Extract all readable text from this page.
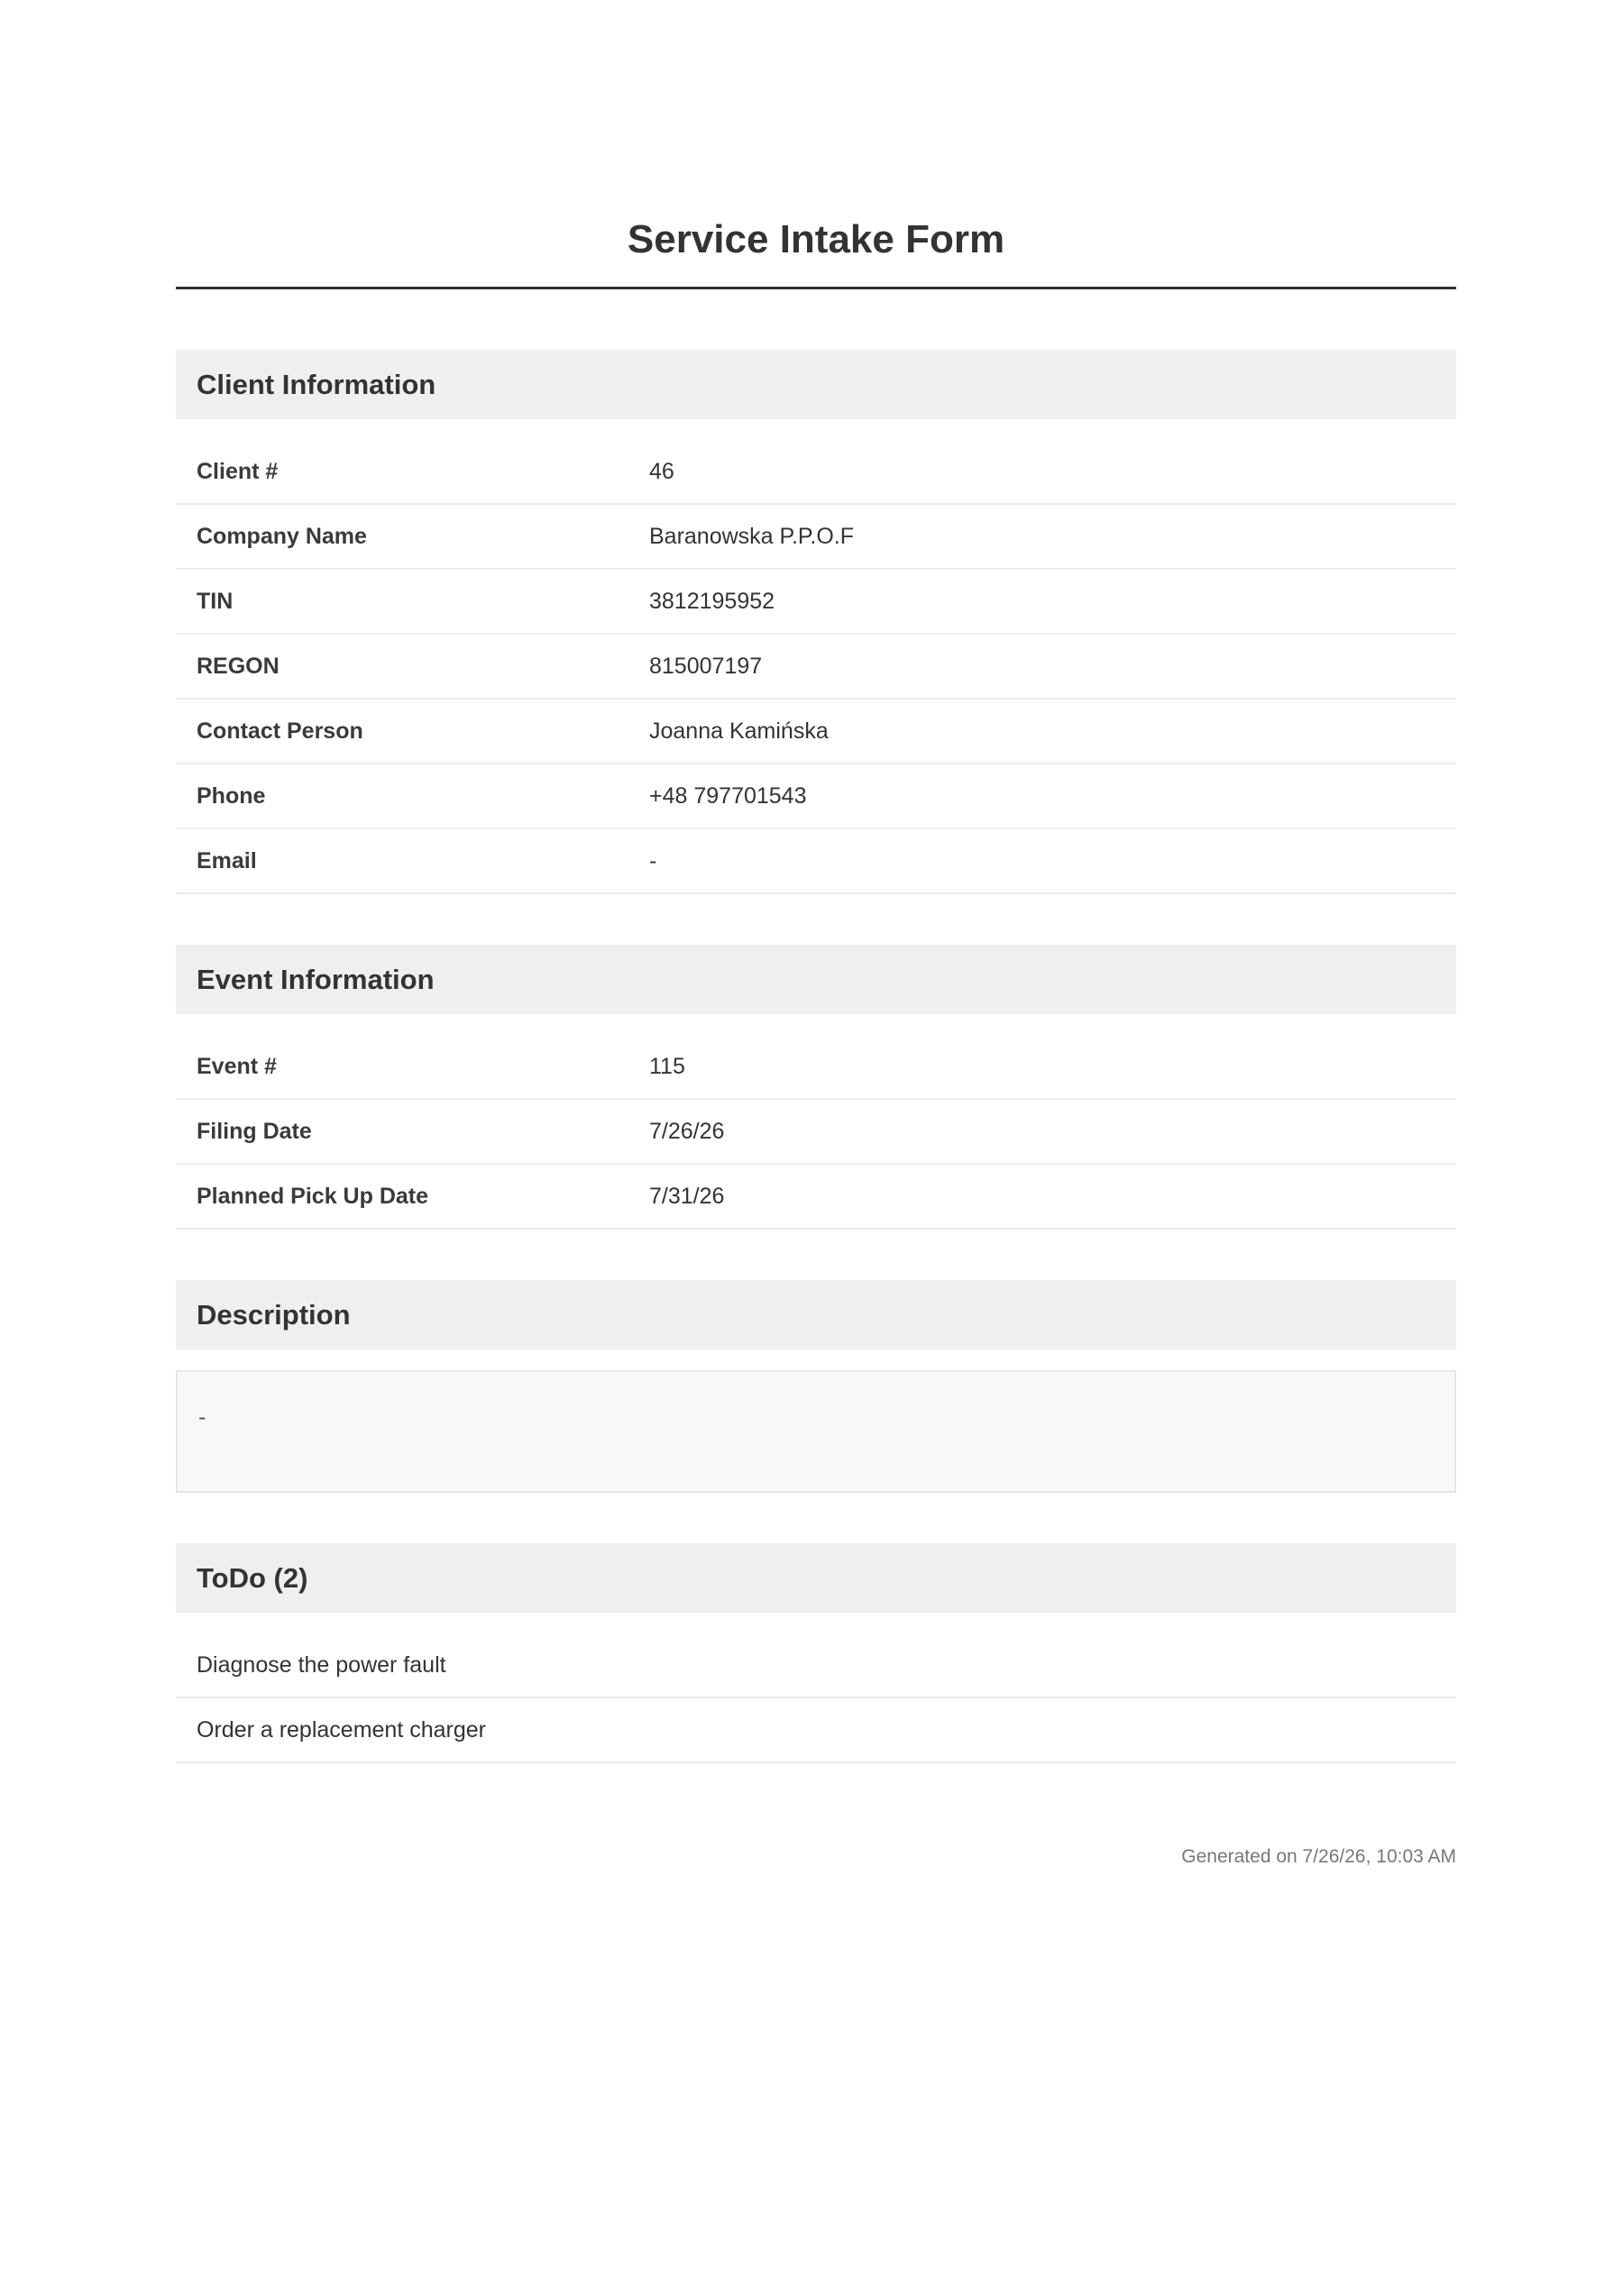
Service Intake Form
Client Information
Client #	46
Company Name	Baranowska P.P.O.F
TIN	3812195952
REGON	815007197
Contact Person	Joanna Kamińska
Phone	+48 797701543
Email	-
Event Information
Event #	115
Filing Date	7/26/26
Planned Pick Up Date	7/31/26
Description
-
ToDo (2)
Diagnose the power fault
Order a replacement charger
Generated on 7/26/26, 10:03 AM
